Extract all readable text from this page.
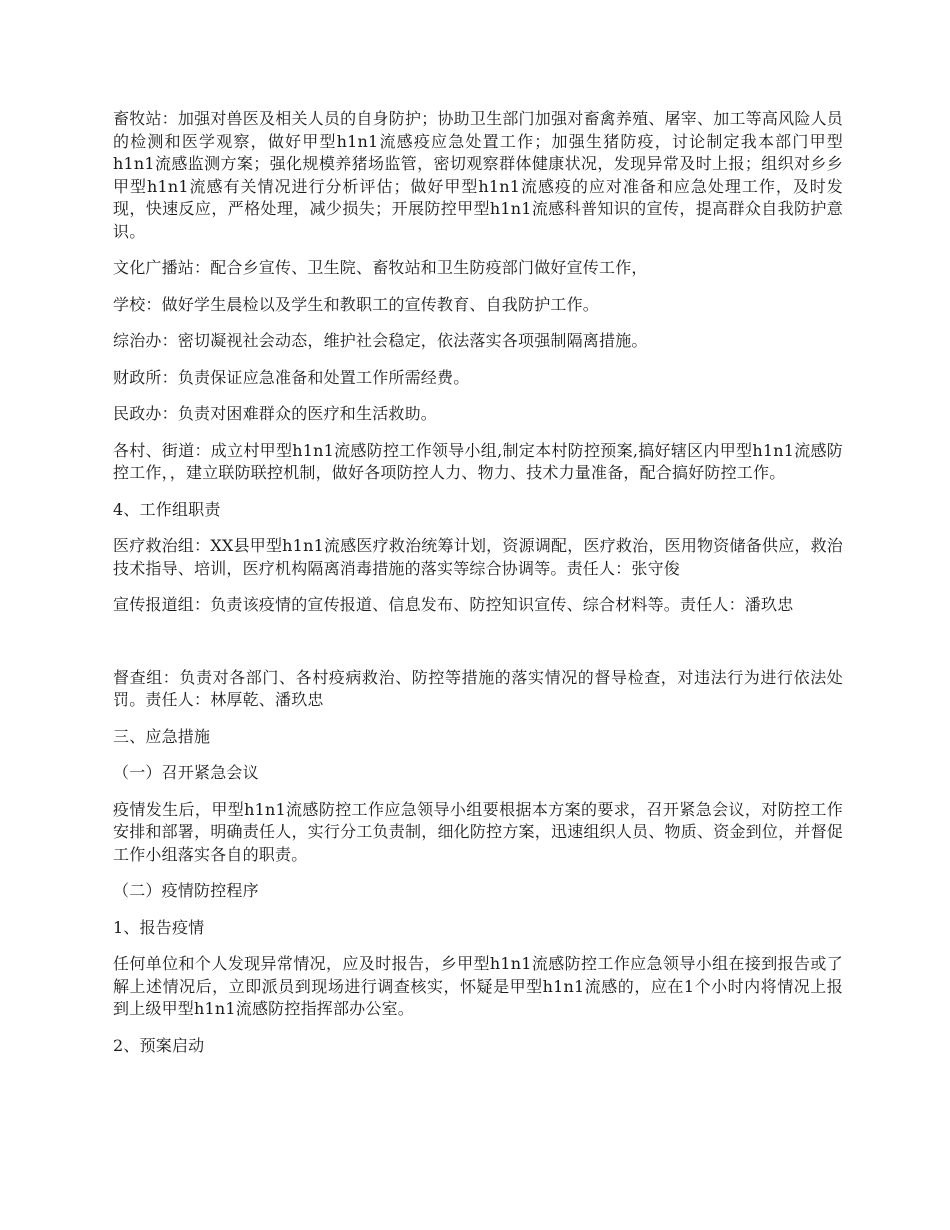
畜牧站：加强对兽医及相关人员的自身防护；协助卫生部门加强对畜禽养殖、屠宰、加工等高风险人员的检测和医学观察，做好甲型h1n1流感疫应急处置工作；加强生猪防疫，讨论制定我本部门甲型h1n1流感监测方案；强化规模养猪场监管，密切观察群体健康状况，发现异常及时上报；组织对乡乡甲型h1n1流感有关情况进行分析评估；做好甲型h1n1流感疫的应对准备和应急处理工作，及时发现，快速反应，严格处理，减少损失；开展防控甲型h1n1流感科普知识的宣传，提高群众自我防护意识。

文化广播站：配合乡宣传、卫生院、畜牧站和卫生防疫部门做好宣传工作，

学校：做好学生晨检以及学生和教职工的宣传教育、自我防护工作。

综治办：密切凝视社会动态，维护社会稳定，依法落实各项强制隔离措施。

财政所：负责保证应急准备和处置工作所需经费。

民政办：负责对困难群众的医疗和生活救助。

各村、街道：成立村甲型h1n1流感防控工作领导小组,制定本村防控预案,搞好辖区内甲型h1n1流感防控工作，，建立联防联控机制，做好各项防控人力、物力、技术力量准备，配合搞好防控工作。

4、工作组职责

医疗救治组：XX县甲型h1n1流感医疗救治统筹计划，资源调配，医疗救治，医用物资储备供应，救治技术指导、培训，医疗机构隔离消毒措施的落实等综合协调等。责任人：张守俊

宣传报道组：负责该疫情的宣传报道、信息发布、防控知识宣传、综合材料等。责任人：潘玖忠

督查组：负责对各部门、各村疫病救治、防控等措施的落实情况的督导检查，对违法行为进行依法处罚。责任人：林厚乾、潘玖忠

三、应急措施

（一）召开紧急会议

疫情发生后，甲型h1n1流感防控工作应急领导小组要根据本方案的要求，召开紧急会议，对防控工作安排和部署，明确责任人，实行分工负责制，细化防控方案，迅速组织人员、物质、资金到位，并督促工作小组落实各自的职责。

（二）疫情防控程序

1、报告疫情

任何单位和个人发现异常情况，应及时报告，乡甲型h1n1流感防控工作应急领导小组在接到报告或了解上述情况后，立即派员到现场进行调查核实，怀疑是甲型h1n1流感的，应在1个小时内将情况上报到上级甲型h1n1流感防控指挥部办公室。

2、预案启动
